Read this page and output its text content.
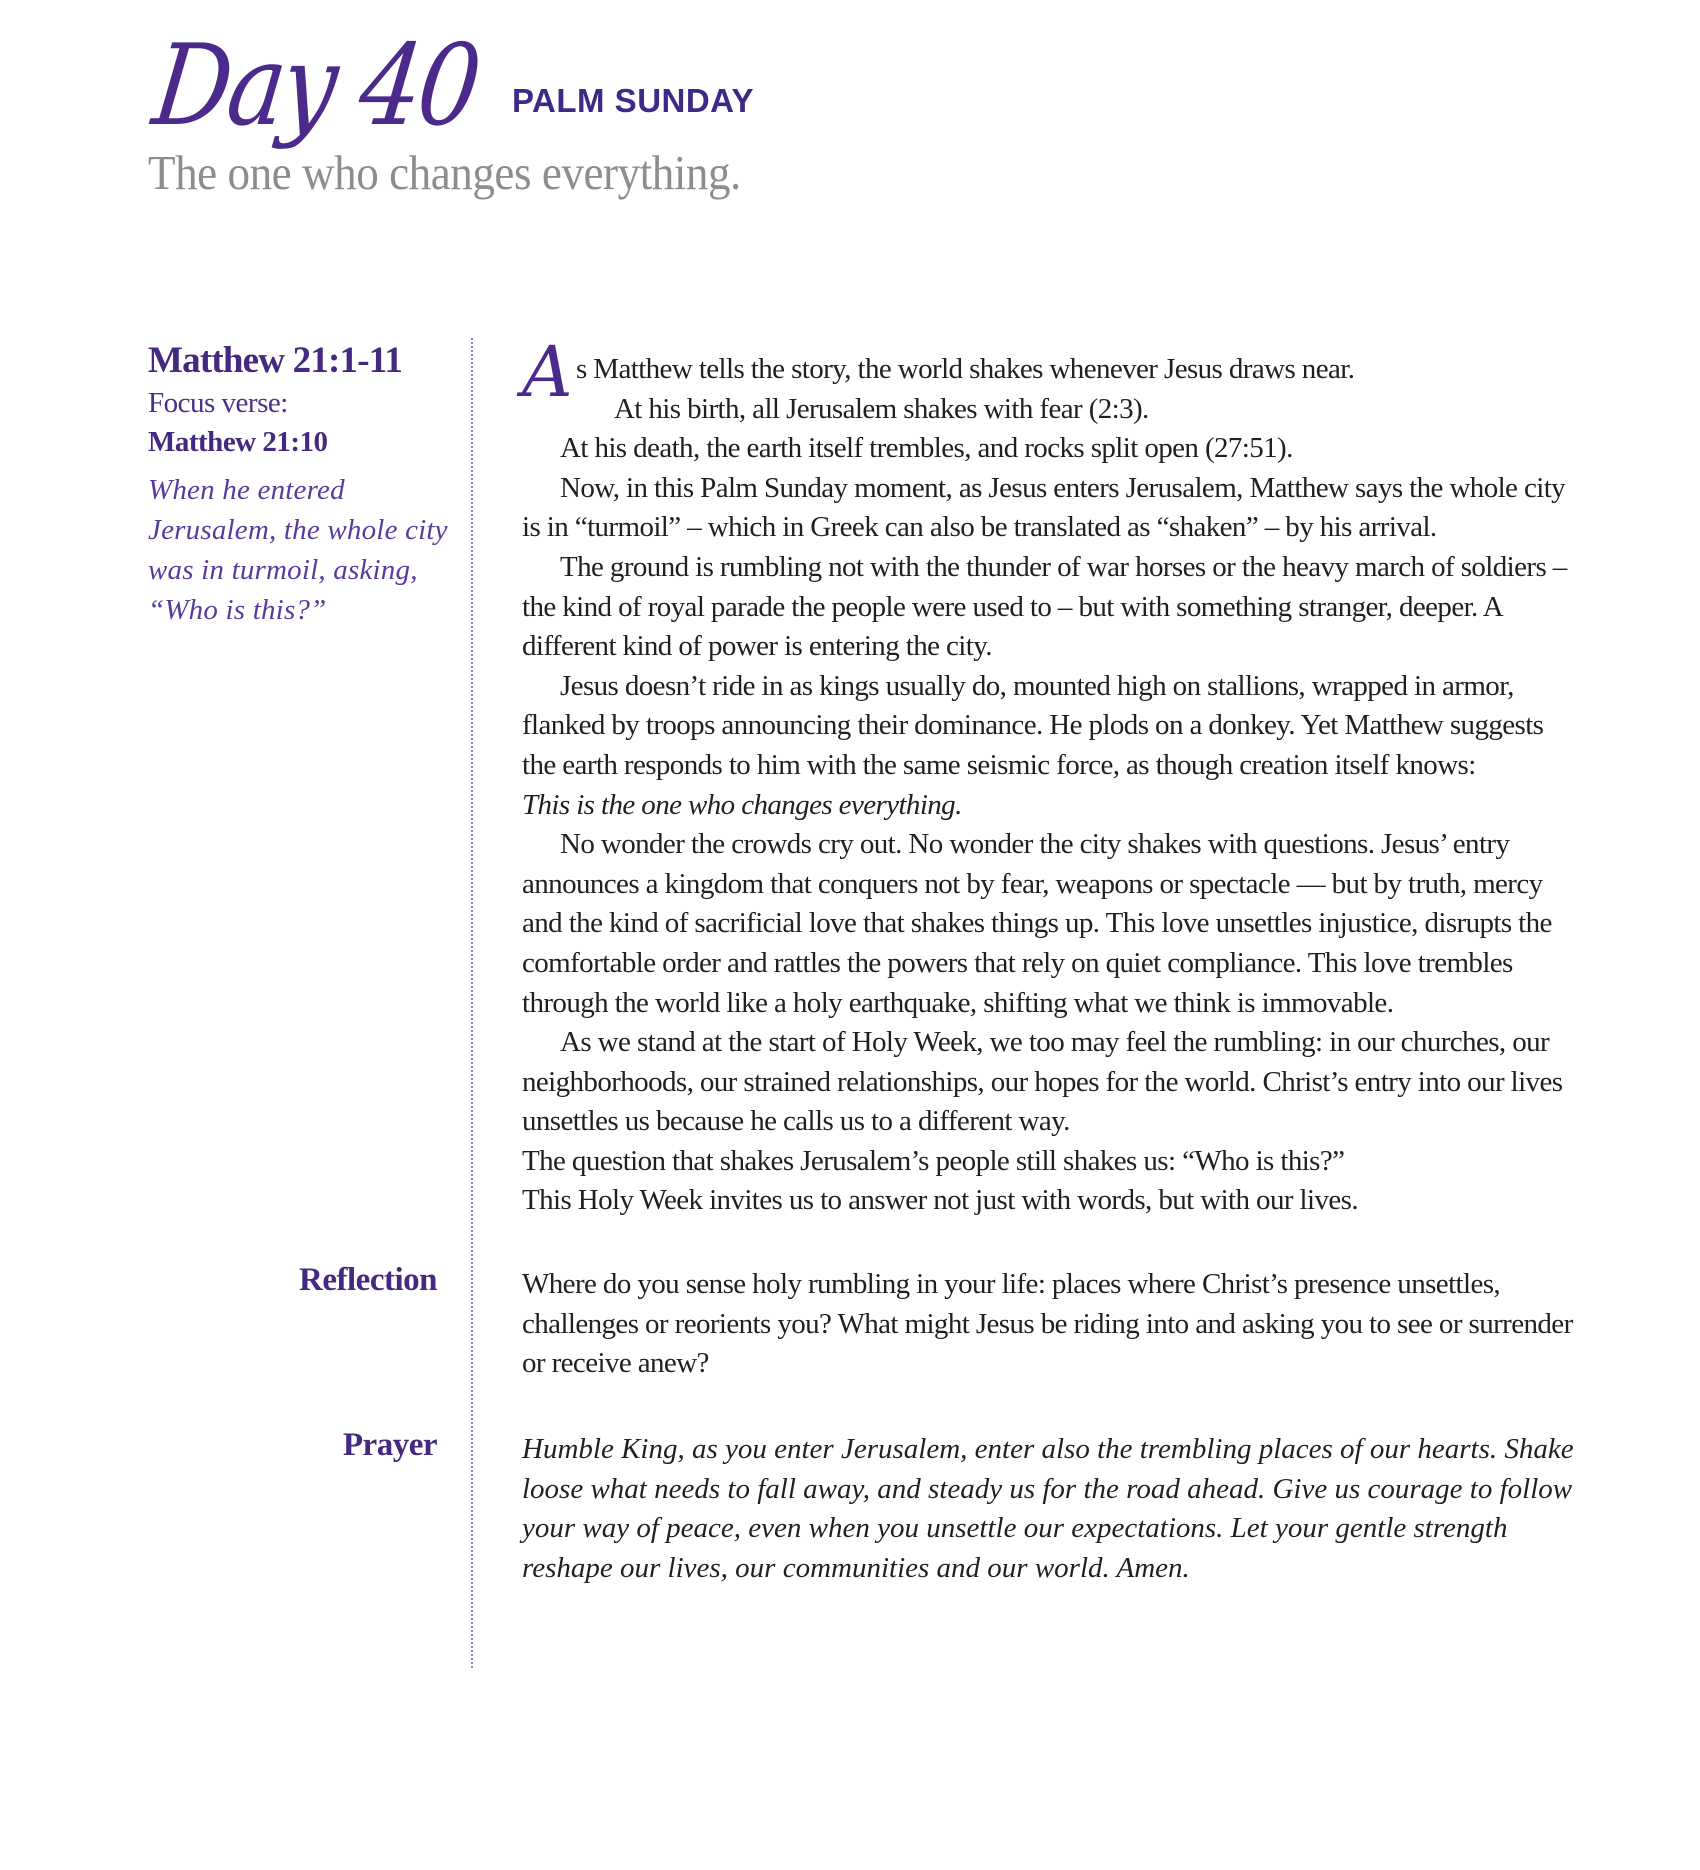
Day 40 PALM SUNDAY
The one who changes everything.
Matthew 21:1-11
Focus verse:
Matthew 21:10
When he entered Jerusalem, the whole city was in turmoil, asking, “Who is this?”

As Matthew tells the story, the world shakes whenever Jesus draws near.

At his birth, all Jerusalem shakes with fear (2:3).

At his death, the earth itself trembles, and rocks split open (27:51).

Now, in this Palm Sunday moment, as Jesus enters Jerusalem, Matthew says the whole city is in “turmoil” – which in Greek can also be translated as “shaken” – by his arrival.

The ground is rumbling not with the thunder of war horses or the heavy march of soldiers – the kind of royal parade the people were used to – but with something stranger, deeper. A different kind of power is entering the city.

Jesus doesn’t ride in as kings usually do, mounted high on stallions, wrapped in armor, flanked by troops announcing their dominance. He plods on a donkey. Yet Matthew suggests the earth responds to him with the same seismic force, as though creation itself knows:
This is the one who changes everything.

No wonder the crowds cry out. No wonder the city shakes with questions. Jesus’ entry announces a kingdom that conquers not by fear, weapons or spectacle — but by truth, mercy and the kind of sacrificial love that shakes things up. This love unsettles injustice, disrupts the comfortable order and rattles the powers that rely on quiet compliance. This love trembles through the world like a holy earthquake, shifting what we think is immovable.

As we stand at the start of Holy Week, we too may feel the rumbling: in our churches, our neighborhoods, our strained relationships, our hopes for the world. Christ’s entry into our lives unsettles us because he calls us to a different way.

The question that shakes Jerusalem’s people still shakes us: “Who is this?”

This Holy Week invites us to answer not just with words, but with our lives.

Reflection	Where do you sense holy rumbling in your life: places where Christ’s presence unsettles, challenges or reorients you? What might Jesus be riding into and asking you to see or surrender or receive anew?
Prayer	Humble King, as you enter Jerusalem, enter also the trembling places of our hearts. Shake loose what needs to fall away, and steady us for the road ahead. Give us courage to follow your way of peace, even when you unsettle our expectations. Let your gentle strength reshape our lives, our communities and our world. Amen.
